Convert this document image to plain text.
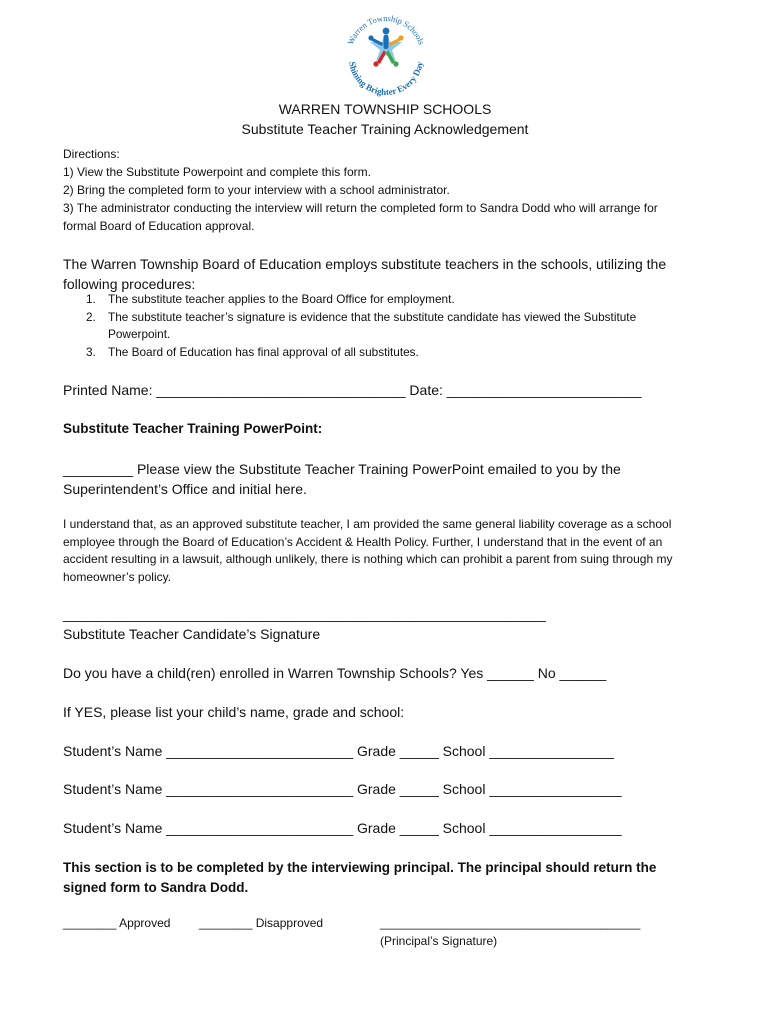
Warren Township Schools
Shining Brighter Every Day
WARREN TOWNSHIP SCHOOLS
Substitute Teacher Training Acknowledgement
Directions:
1) View the Substitute Powerpoint and complete this form.
2) Bring the completed form to your interview with a school administrator.
3) The administrator conducting the interview will return the completed form to Sandra Dodd who will arrange for
formal Board of Education approval.
The Warren Township Board of Education employs substitute teachers in the schools, utilizing the
following procedures:
1.	The substitute teacher applies to the Board Office for employment.
2.	The substitute teacher’s signature is evidence that the substitute candidate has viewed the Substitute Powerpoint.
3.	The Board of Education has final approval of all substitutes.
Printed Name: ________________________________ Date: _________________________
Substitute Teacher Training PowerPoint:
_________ Please view the Substitute Teacher Training PowerPoint emailed to you by the
Superintendent’s Office and initial here.
I understand that, as an approved substitute teacher, I am provided the same general liability coverage as a school
employee through the Board of Education’s Accident & Health Policy. Further, I understand that in the event of an
accident resulting in a lawsuit, although unlikely, there is nothing which can prohibit a parent from suing through my
homeowner’s policy.
______________________________________________________________
Substitute Teacher Candidate’s Signature
Do you have a child(ren) enrolled in Warren Township Schools? Yes ______ No ______
If YES, please list your child’s name, grade and school:
Student’s Name ________________________ Grade _____ School ________________
Student’s Name ________________________ Grade _____ School _________________
Student’s Name ________________________ Grade _____ School _________________
This section is to be completed by the interviewing principal. The principal should return the
signed form to Sandra Dodd.
________ Approved ________ Disapproved	_______________________________________
(Principal’s Signature)
